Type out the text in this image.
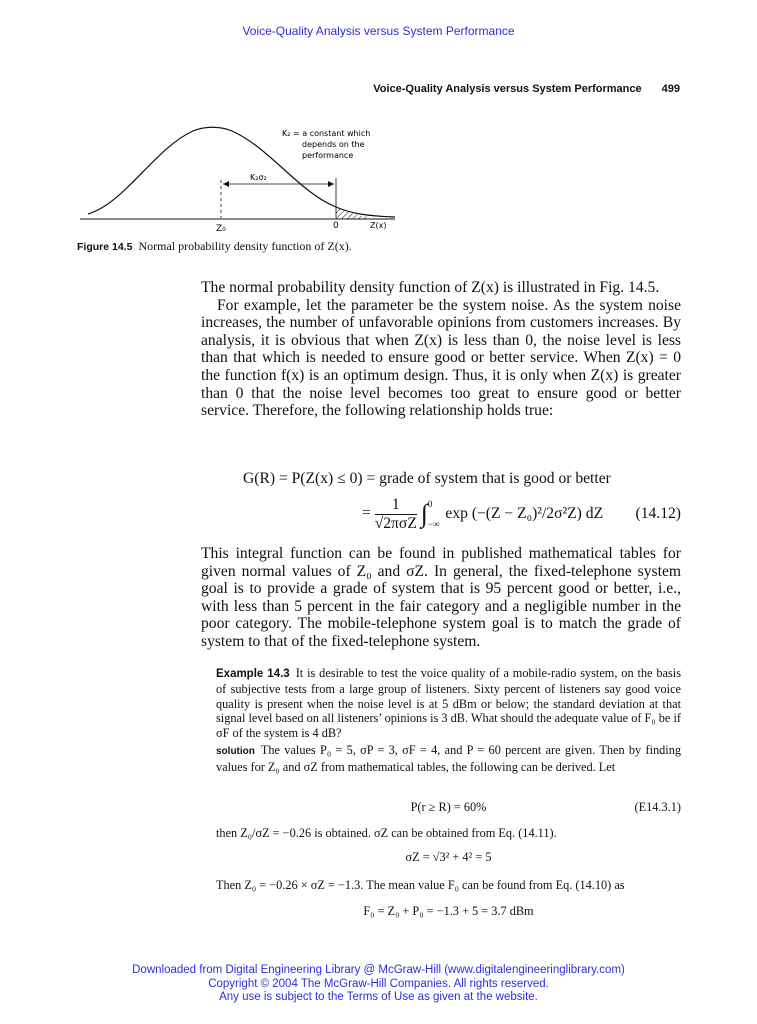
Voice-Quality Analysis versus System Performance
Voice-Quality Analysis versus System Performance 499
K₂ = a constant which
depends on the
performance
K₂σ₂
Z₀	0	Z(x)
Figure 14.5 Normal probability density function of Z(x).

The normal probability density function of Z(x) is illustrated in Fig. 14.5.

For example, let the parameter be the system noise. As the system noise increases, the number of unfavorable opinions from customers increases. By analysis, it is obvious that when Z(x) is less than 0, the noise level is less than that which is needed to ensure good or better service. When Z(x) = 0 the function f(x) is an optimum design. Thus, it is only when Z(x) is greater than 0 that the noise level becomes too great to ensure good or better service. Therefore, the following relationship holds true:

G(R) = P(Z(x) ≤ 0) = grade of system that is good or better
= $\frac{1}{\text{√2πσZ}}$ ∫ 0
−∞
exp (−(Z − Z₀)²/2σ²Z) dZ (14.12)

This integral function can be found in published mathematical tables for given normal values of Z₀ and σZ. In general, the fixed-telephone system goal is to provide a grade of system that is 95 percent good or better, i.e., with less than 5 percent in the fair category and a negligible number in the poor category. The mobile-telephone system goal is to match the grade of system to that of the fixed-telephone system.

Example 14.3 It is desirable to test the voice quality of a mobile-radio system, on the basis of subjective tests from a large group of listeners. Sixty percent of listeners say good voice quality is present when the noise level is at 5 dBm or below; the standard deviation at that signal level based on all listeners’ opinions is 3 dB. What should the adequate value of F₀ be if σF of the system is 4 dB?

solution The values P₀ = 5, σP = 3, σF = 4, and P = 60 percent are given. Then by finding values for Z₀ and σZ from mathematical tables, the following can be derived. Let

P(r ≥ R) = 60%	(E14.3.1)
then Z₀/σZ = −0.26 is obtained. σZ can be obtained from Eq. (14.11).
σZ = √3² + 4² = 5
Then Z₀ = −0.26 × σZ = −1.3. The mean value F₀ can be found from Eq. (14.10) as
F₀ = Z₀ + P₀ = −1.3 + 5 = 3.7 dBm
Downloaded from Digital Engineering Library @ McGraw-Hill (www.digitalengineeringlibrary.com)
Copyright © 2004 The McGraw-Hill Companies. All rights reserved.
Any use is subject to the Terms of Use as given at the website.
